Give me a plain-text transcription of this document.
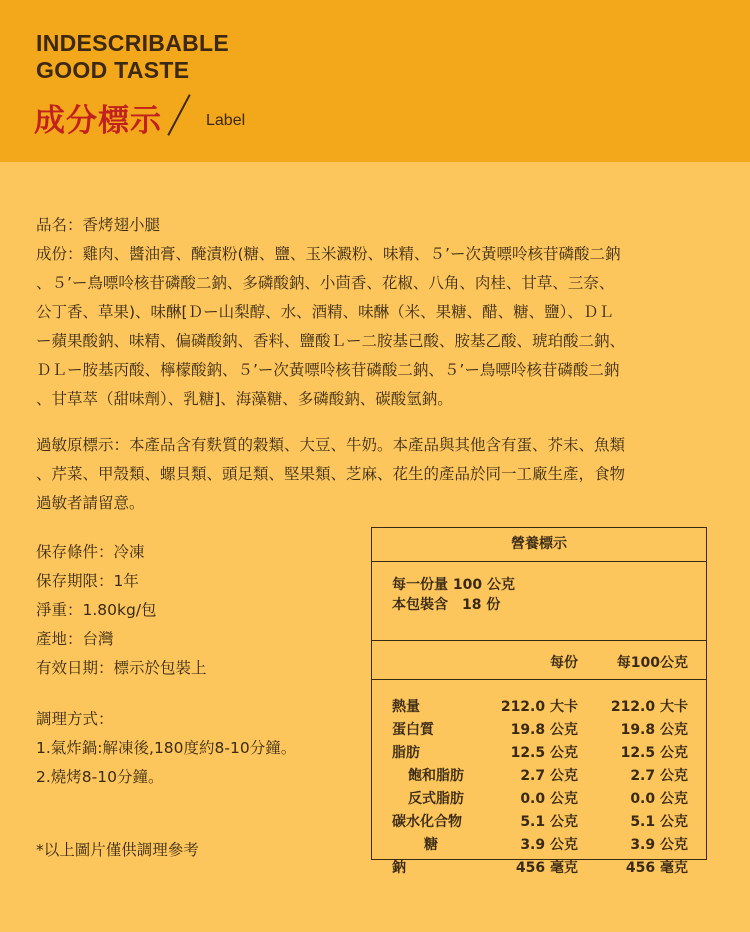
INDESCRIBABLE
GOOD TASTE
成分標示	Label
品名：香烤翅小腿
成份：雞肉、醬油膏、醃漬粉(糖、鹽、玉米澱粉、味精、５’ー次黃嘌呤核苷磷酸二鈉
、５’ー鳥嘌呤核苷磷酸二鈉、多磷酸鈉、小茴香、花椒、八角、肉桂、甘草、三奈、
公丁香、草果)、味醂[Ｄー山梨醇、水、酒精、味醂（米、果糖、醋、糖、鹽）、ＤＬ
ー蘋果酸鈉、味精、偏磷酸鈉、香料、鹽酸Ｌー二胺基己酸、胺基乙酸、琥珀酸二鈉、
ＤＬー胺基丙酸、檸檬酸鈉、５’ー次黃嘌呤核苷磷酸二鈉、５’ー鳥嘌呤核苷磷酸二鈉
、甘草萃（甜味劑）、乳糖]、海藻糖、多磷酸鈉、碳酸氫鈉。
過敏原標示：本產品含有麩質的穀類、大豆、牛奶。本產品與其他含有蛋、芥末、魚類
、芹菜、甲殼類、螺貝類、頭足類、堅果類、芝麻、花生的產品於同一工廠生產，食物
過敏者請留意。
保存條件：冷凍
保存期限：1年
淨重：1.80kg/包
產地：台灣
有效日期：標示於包裝上
調理方式：
1.氣炸鍋:解凍後,180度約8-10分鐘。
2.燒烤8-10分鐘。
*以上圖片僅供調理參考
營養標示
每一份量 100 公克
本包裝含　18 份
每份	每100公克
熱量	212.0 大卡 212.0 大卡
蛋白質	19.8 公克	19.8 公克
脂肪	12.5 公克	12.5 公克
飽和脂肪	2.7 公克	2.7 公克
反式脂肪	0.0 公克	0.0 公克
碳水化合物	5.1 公克	5.1 公克
糖	3.9 公克	3.9 公克
鈉	456 毫克	456 毫克
